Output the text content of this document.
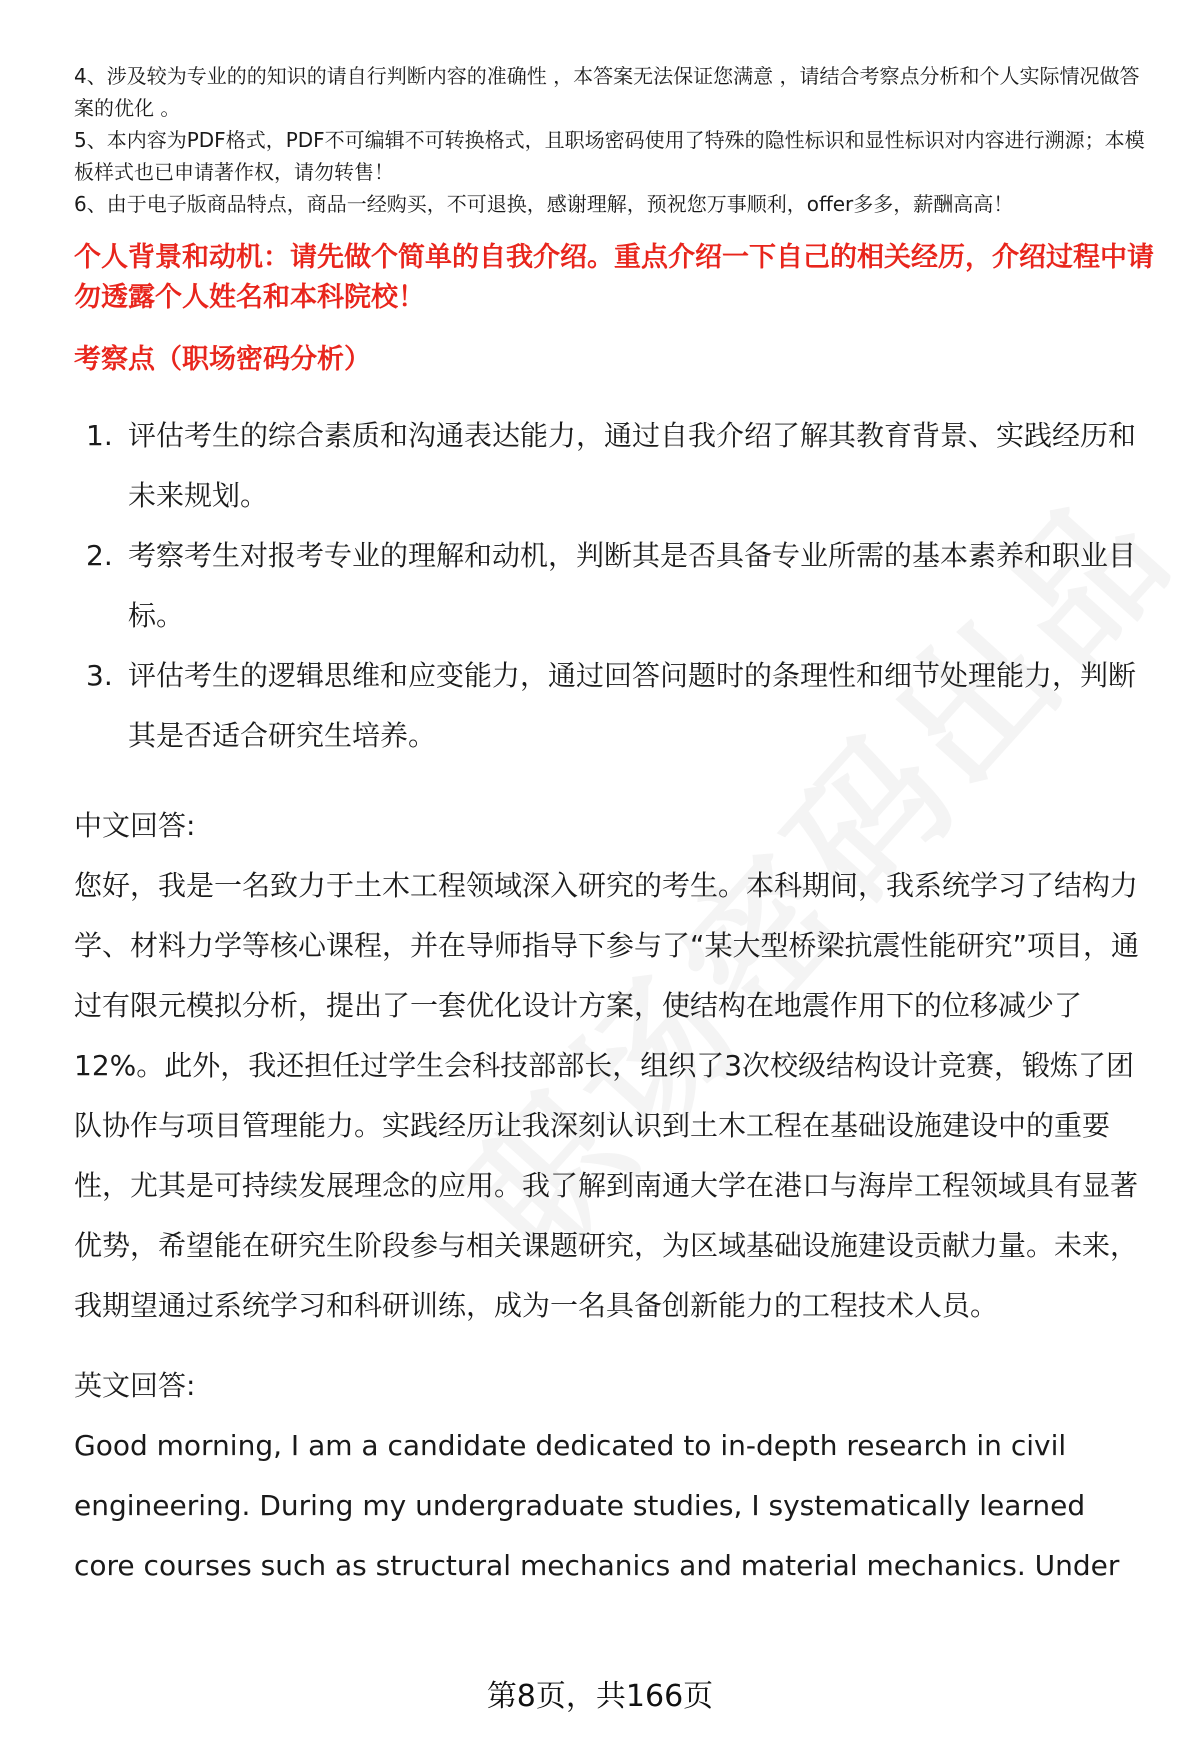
4、涉及较为专业的的知识的请自行判断内容的准确性 ，本答案无法保证您满意 ，请结合考察点分析和个人实际情况做答案的优化 。

5、本内容为PDF格式，PDF不可编辑不可转换格式，且职场密码使用了特殊的隐性标识和显性标识对内容进行溯源；本模板样式也已申请著作权，请勿转售！

6、由于电子版商品特点，商品一经购买，不可退换，感谢理解，预祝您万事顺利，offer多多，薪酬高高！

个人背景和动机：请先做个简单的自我介绍。重点介绍一下自己的相关经历，介绍过程中请勿透露个人姓名和本科院校！

考察点（职场密码分析）

1. 评估考生的综合素质和沟通表达能力，通过自我介绍了解其教育背景、实践经历和未来规划。
2. 考察考生对报考专业的理解和动机，判断其是否具备专业所需的基本素养和职业目标。
3. 评估考生的逻辑思维和应变能力，通过回答问题时的条理性和细节处理能力，判断其是否适合研究生培养。

中文回答:

您好，我是一名致力于土木工程领域深入研究的考生。本科期间，我系统学习了结构力学、材料力学等核心课程，并在导师指导下参与了“某大型桥梁抗震性能研究”项目，通过有限元模拟分析，提出了一套优化设计方案，使结构在地震作用下的位移减少了12%。此外，我还担任过学生会科技部部长，组织了3次校级结构设计竞赛，锻炼了团队协作与项目管理能力。实践经历让我深刻认识到土木工程在基础设施建设中的重要性，尤其是可持续发展理念的应用。我了解到南通大学在港口与海岸工程领域具有显著优势，希望能在研究生阶段参与相关课题研究，为区域基础设施建设贡献力量。未来，我期望通过系统学习和科研训练，成为一名具备创新能力的工程技术人员。

英文回答:

Good morning, I am a candidate dedicated to in-depth research in civil engineering. During my undergraduate studies, I systematically learned core courses such as structural mechanics and material mechanics. Under

第8页，共166页
